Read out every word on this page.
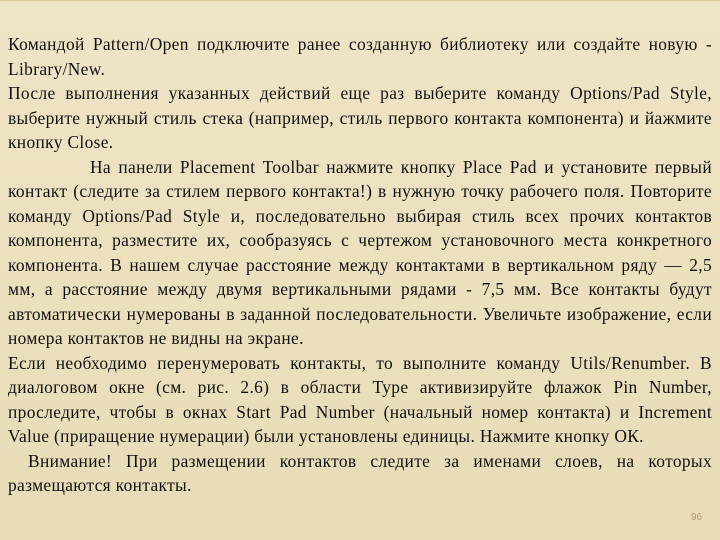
Командой Pattern/Open подключите ранее созданную библиотеку или создайте новую - Library/New.

После выполнения указанных действий еще раз выберите команду Options/Pad Style, выберите нужный стиль стека (например, стиль первого контакта компонента) и йажмите кнопку Close.

На панели Placement Toolbar нажмите кнопку Place Pad и установите первый контакт (следите за стилем первого контакта!) в нужную точку рабочего поля. Повторите команду Options/Pad Style и, последовательно выбирая стиль всех прочих контактов компонента, разместите их, сообразуясь с чертежом установочного места конкретного компонента. В нашем случае расстояние между контактами в вертикальном ряду — 2,5 мм, а расстояние между двумя вертикальными рядами - 7,5 мм. Все контакты будут автоматически нумерованы в заданной последовательности. Увеличьте изображение, если номера контактов не видны на экране.

Если необходимо перенумеровать контакты, то выполните команду Utils/Renumber. В диалоговом окне (см. рис. 2.6) в области Type активизируйте флажок Pin Number, проследите, чтобы в окнах Start Pad Number (начальный номер контакта) и Increment Value (приращение нумерации) были установлены единицы. Нажмите кнопку ОК.

Внимание! При размещении контактов следите за именами слоев, на которых размещаются контакты.

96
